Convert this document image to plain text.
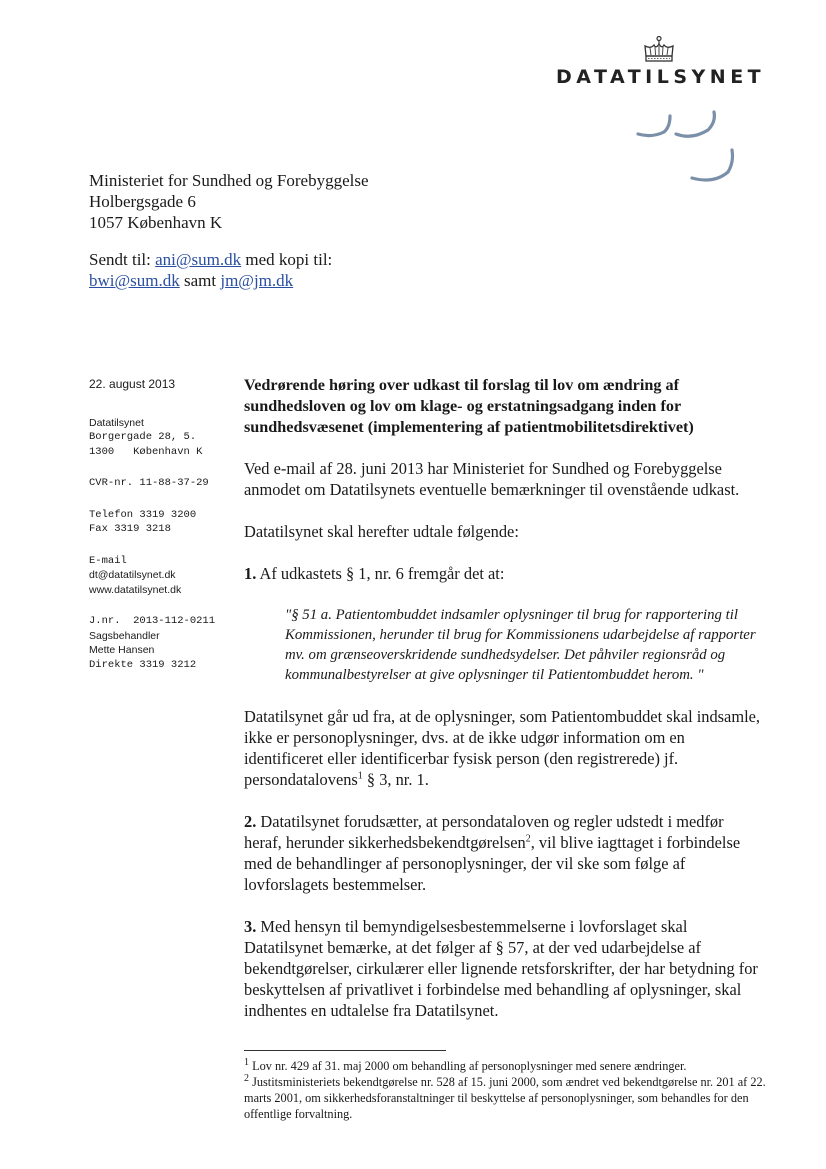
DATATILSYNET
Ministeriet for Sundhed og Forebyggelse
Holbergsgade 6
1057 København K
Sendt til: ani@sum.dk med kopi til:
bwi@sum.dk samt jm@jm.dk
22. august 2013
Datatilsynet
Borgergade 28, 5.
1300   København K
CVR-nr. 11-88-37-29
Telefon 3319 3200
Fax 3319 3218
E-mail
dt@datatilsynet.dk
www.datatilsynet.dk
J.nr.  2013-112-0211
Sagsbehandler
Mette Hansen
Direkte 3319 3212
Vedrørende høring over udkast til forslag til lov om ændring af sundhedsloven og lov om klage- og erstatningsadgang inden for sundhedsvæsenet (implementering af patientmobilitetsdirektivet)

Ved e-mail af 28. juni 2013 har Ministeriet for Sundhed og Forebyggelse anmodet om Datatilsynets eventuelle bemærkninger til ovenstående udkast.

Datatilsynet skal herefter udtale følgende:

1. Af udkastets § 1, nr. 6 fremgår det at:

"§ 51 a. Patientombuddet indsamler oplysninger til brug for rapportering til Kommissionen, herunder til brug for Kommissionens udarbejdelse af rapporter mv. om grænseoverskridende sundhedsydelser. Det påhviler regionsråd og kommunalbestyrelser at give oplysninger til Patientombuddet herom. "

Datatilsynet går ud fra, at de oplysninger, som Patientombuddet skal indsamle, ikke er personoplysninger, dvs. at de ikke udgør information om en identificeret eller identificerbar fysisk person (den registrerede) jf. persondatalovens$^1$ § 3, nr. 1.

2. Datatilsynet forudsætter, at persondataloven og regler udstedt i medfør heraf, herunder sikkerhedsbekendtgørelsen$^2$, vil blive iagttaget i forbindelse med de behandlinger af personoplysninger, der vil ske som følge af lovforslagets bestemmelser.

3. Med hensyn til bemyndigelsesbestemmelserne i lovforslaget skal Datatilsynet bemærke, at det følger af § 57, at der ved udarbejdelse af bekendtgørelser, cirkulærer eller lignende retsforskrifter, der har betydning for beskyttelsen af privatlivet i forbindelse med behandling af oplysninger, skal indhentes en udtalelse fra Datatilsynet.

$^1$ Lov nr. 429 af 31. maj 2000 om behandling af personoplysninger med senere ændringer.

$^2$ Justitsministeriets bekendtgørelse nr. 528 af 15. juni 2000, som ændret ved bekendtgørelse nr. 201 af 22. marts 2001, om sikkerhedsforanstaltninger til beskyttelse af personoplysninger, som behandles for den offentlige forvaltning.
